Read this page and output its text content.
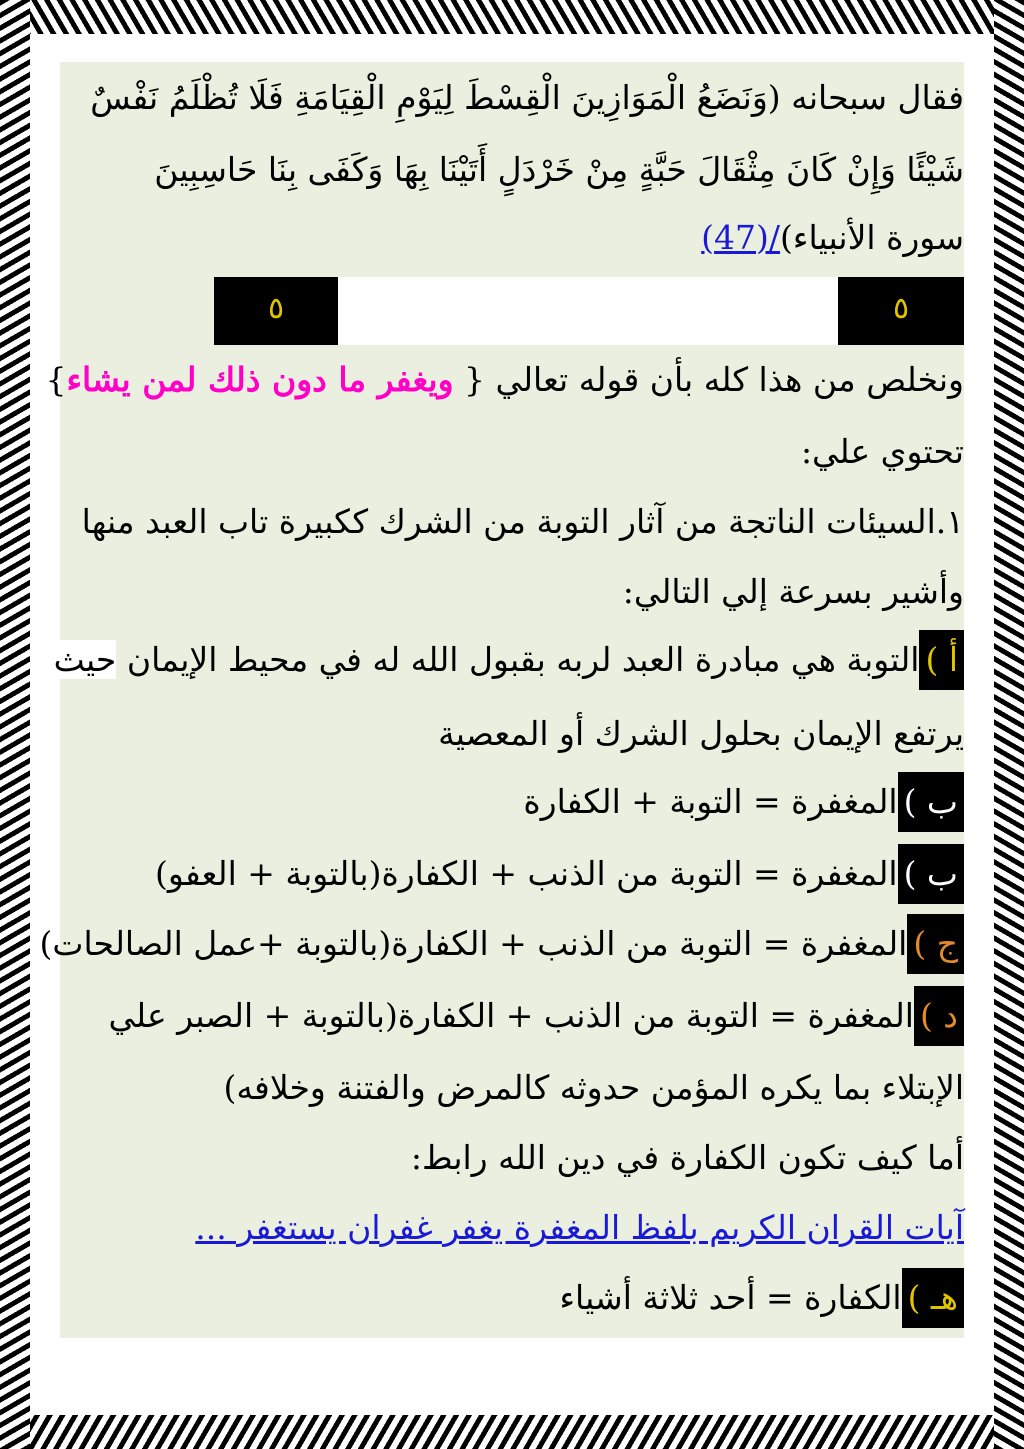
فقال سبحانه (وَنَضَعُ الْمَوَازِينَ الْقِسْطَ لِيَوْمِ الْقِيَامَةِ فَلَا تُظْلَمُ نَفْسٌ
شَيْئًا وَإِنْ كَانَ مِثْقَالَ حَبَّةٍ مِنْ خَرْدَلٍ أَتَيْنَا بِهَا وَكَفَى بِنَا حَاسِبِينَ
سورة الأنبياء)/(47)
٥
٥
ونخلص من هذا كله بأن قوله تعالي { ويغفر ما دون ذلك لمن يشاء}
تحتوي علي:
١.السيئات الناتجة من آثار التوبة من الشرك ككبيرة تاب العبد منها
وأشير بسرعة إلي التالي:
أ )التوبة هي مبادرة العبد لربه بقبول الله له في محيط الإيمان حيث
يرتفع الإيمان بحلول الشرك أو المعصية
ب )المغفرة = التوبة + الكفارة
ب )المغفرة = التوبة من الذنب + الكفارة(بالتوبة + العفو)
ج )المغفرة = التوبة من الذنب + الكفارة(بالتوبة +عمل الصالحات)
د )المغفرة = التوبة من الذنب + الكفارة(بالتوبة + الصبر علي
الإبتلاء بما يكره المؤمن حدوثه كالمرض والفتنة وخلافه)
أما كيف تكون الكفارة في دين الله رابط:
آيات القران الكريم بلفظ المغفرة يغفر غفران يستغفر ...
هـ )الكفارة = أحد ثلاثة أشياء
